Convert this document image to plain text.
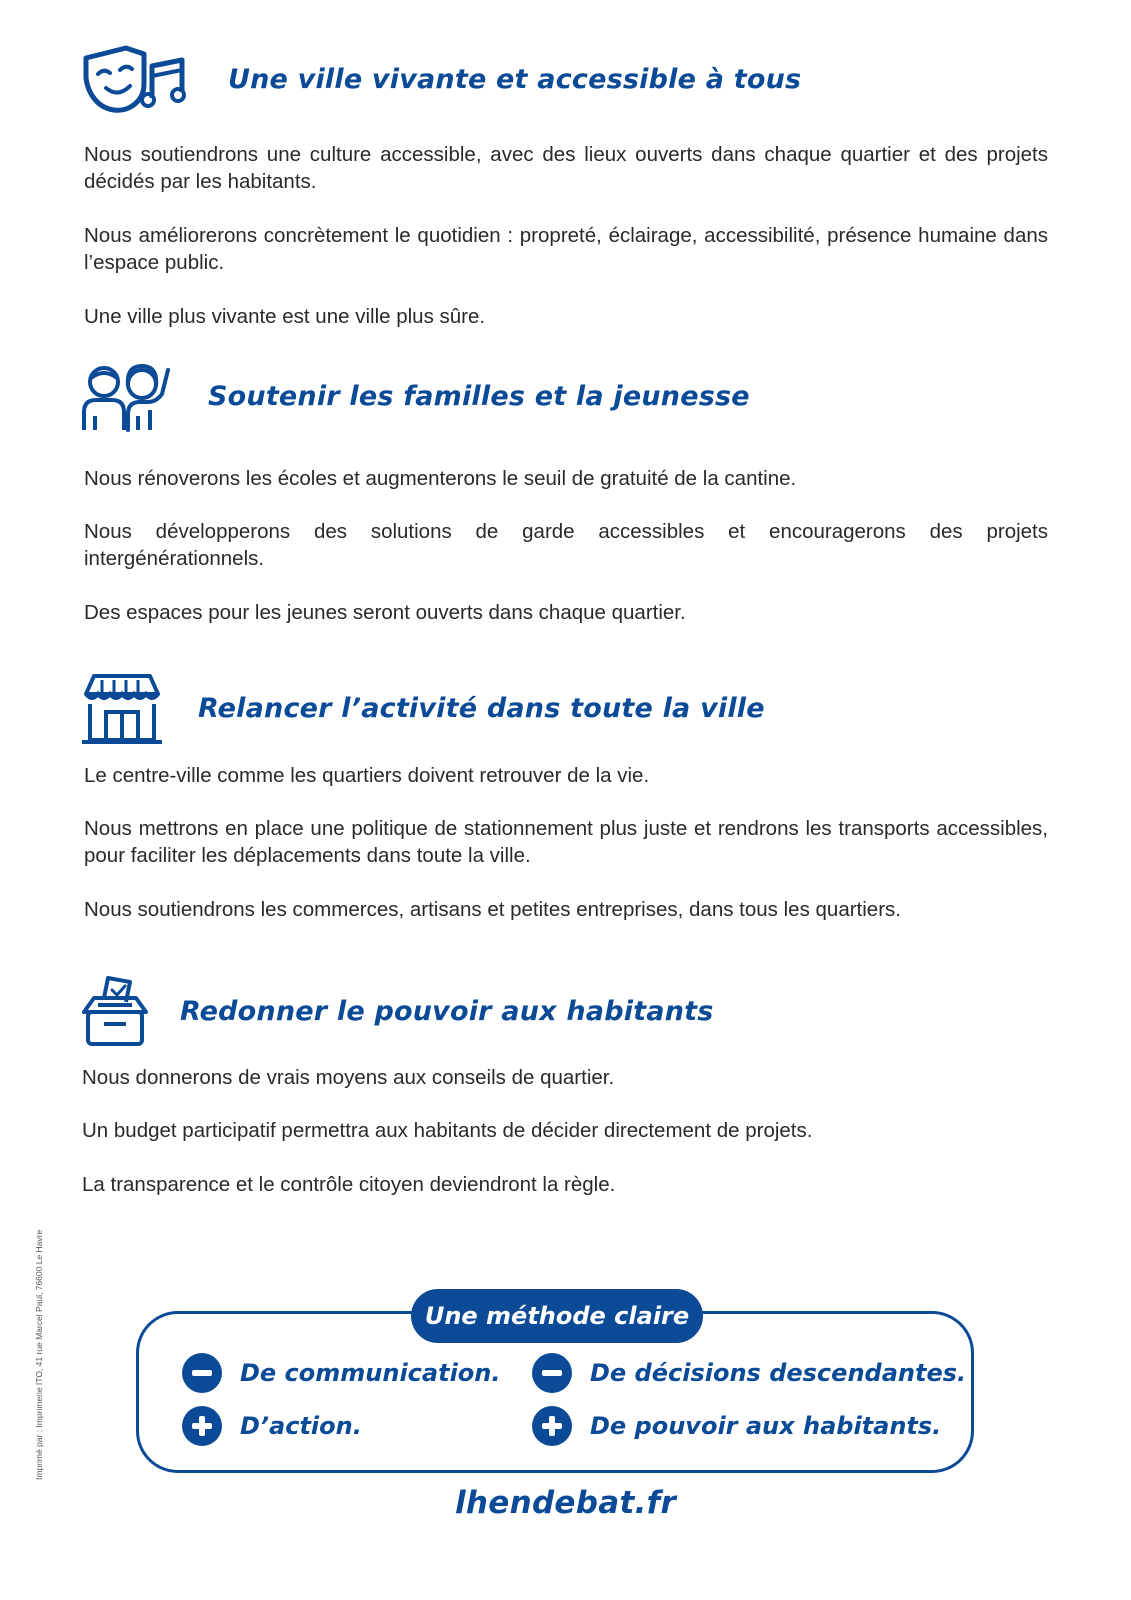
Une ville vivante et accessible à tous

Nous soutiendrons une culture accessible, avec des lieux ouverts dans chaque quartier et des projets décidés par les habitants.

Nous améliorerons concrètement le quotidien : propreté, éclairage, accessibilité, présence humaine dans l’espace public.

Une ville plus vivante est une ville plus sûre.

Soutenir les familles et la jeunesse

Nous rénoverons les écoles et augmenterons le seuil de gratuité de la cantine.

Nous développerons des solutions de garde accessibles et encouragerons des projets intergénérationnels.

Des espaces pour les jeunes seront ouverts dans chaque quartier.

Relancer l’activité dans toute la ville

Le centre-ville comme les quartiers doivent retrouver de la vie.

Nous mettrons en place une politique de stationnement plus juste et rendrons les transports accessibles, pour faciliter les déplacements dans toute la ville.

Nous soutiendrons les commerces, artisans et petites entreprises, dans tous les quartiers.

Redonner le pouvoir aux habitants

Nous donnerons de vrais moyens aux conseils de quartier.

Un budget participatif permettra aux habitants de décider directement de projets.

La transparence et le contrôle citoyen deviendront la règle.

Imprimé par : Imprimerie ITO, 41 rue Marcel Paul, 76600 Le Havre	Une méthode claire
De communication.	De décisions descendantes.
D’action.	De pouvoir aux habitants.
lhendebat.fr
